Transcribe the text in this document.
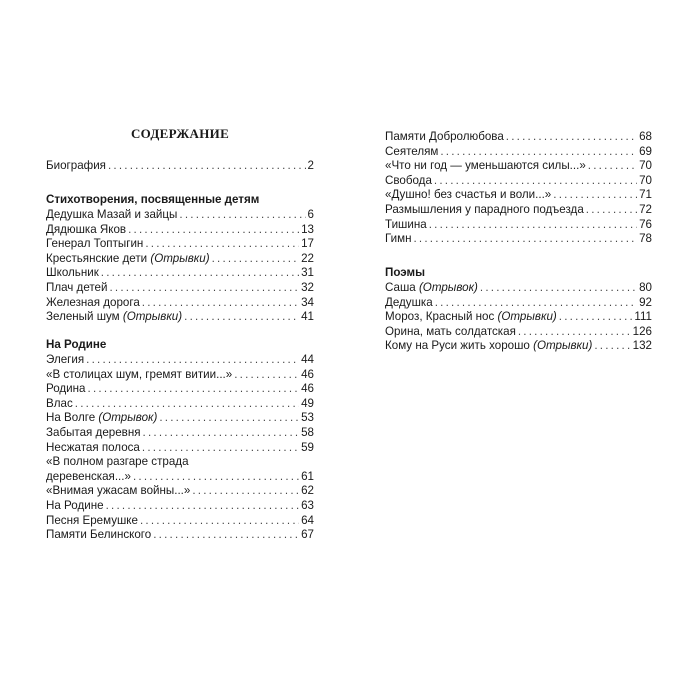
СОДЕРЖАНИЕ
Биография . . .	2
Стихотворения, посвященные детям
Дедушка Мазай и зайцы . . .	6
Дядюшка Яков . . .	13
Генерал Топтыгин . . .	17
Крестьянские дети (Отрывки) . . .	22
Школьник . . .	31
Плач детей . . .	32
Железная дорога . . .	34
Зеленый шум (Отрывки) . . .	41
На Родине
Элегия . . .	44
«В столицах шум, гремят витии...» . . .	46
Родина . . .	46
Влас . . .	49
На Волге (Отрывок) . . .	53
Забытая деревня . . .	58
Несжатая полоса . . .	59
«В полном разгаре страда
деревенская...» . . .	61
«Внимая ужасам войны...» . . .	62
На Родине . . .	63
Песня Еремушке . . .	64
Памяти Белинского . . .	67
Памяти Добролюбова . . .	68
Сеятелям . . .	69
«Что ни год — уменьшаются силы...» . . .	70
Свобода . . .	70
«Душно! без счастья и воли...» . . .	71
Размышления у парадного подъезда . . .	72
Тишина . . .	76
Гимн . . .	78
Поэмы
Саша (Отрывок) . . .	80
Дедушка . . .	92
Мороз, Красный нос (Отрывки) . . .	111
Орина, мать солдатская . . .	126
Кому на Руси жить хорошо (Отрывки) . . .	132
